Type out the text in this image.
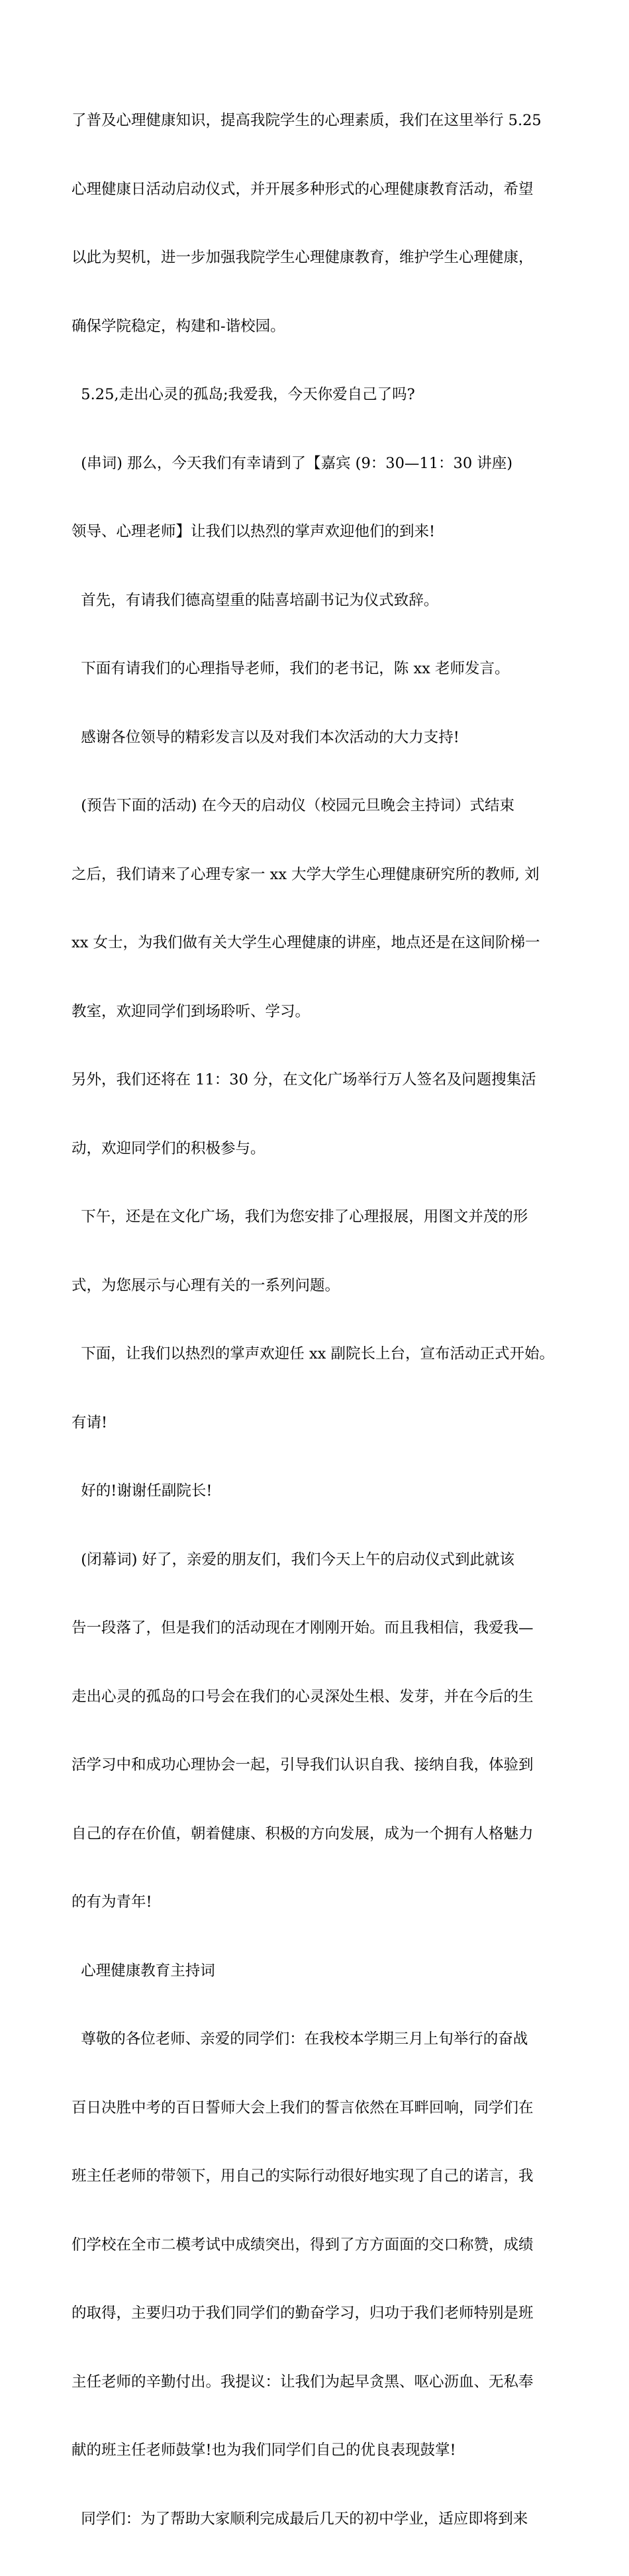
了普及心理健康知识，提高我院学生的心理素质，我们在这里举行 5.25

心理健康日活动启动仪式，并开展多种形式的心理健康教育活动，希望

以此为契机，进一步加强我院学生心理健康教育，维护学生心理健康，

确保学院稳定，构建和-谐校园。

5.25,走出心灵的孤岛;我爱我，今天你爱自己了吗?

(串词) 那么，今天我们有幸请到了【嘉宾 (9：30—11：30 讲座)

领导、心理老师】让我们以热烈的掌声欢迎他们的到来!

首先，有请我们德高望重的陆喜培副书记为仪式致辞。

下面有请我们的心理指导老师，我们的老书记，陈 xx 老师发言。

感谢各位领导的精彩发言以及对我们本次活动的大力支持!

(预告下面的活动) 在今天的启动仪（校园元旦晚会主持词）式结束

之后，我们请来了心理专家一 xx 大学大学生心理健康研究所的教师, 刘

xx 女士，为我们做有关大学生心理健康的讲座，地点还是在这间阶梯一

教室，欢迎同学们到场聆听、学习。

另外，我们还将在 11：30 分，在文化广场举行万人签名及问题搜集活

动，欢迎同学们的积极参与。

下午，还是在文化广场，我们为您安排了心理报展，用图文并茂的形

式，为您展示与心理有关的一系列问题。

下面，让我们以热烈的掌声欢迎任 xx 副院长上台，宣布活动正式开始。

有请!

好的!谢谢任副院长!

(闭幕词) 好了，亲爱的朋友们，我们今天上午的启动仪式到此就该

告一段落了，但是我们的活动现在才刚刚开始。而且我相信，我爱我—

走出心灵的孤岛的口号会在我们的心灵深处生根、发芽，并在今后的生

活学习中和成功心理协会一起，引导我们认识自我、接纳自我，体验到

自己的存在价值，朝着健康、积极的方向发展，成为一个拥有人格魅力

的有为青年!

心理健康教育主持词

尊敬的各位老师、亲爱的同学们：在我校本学期三月上旬举行的奋战

百日决胜中考的百日誓师大会上我们的誓言依然在耳畔回响，同学们在

班主任老师的带领下，用自己的实际行动很好地实现了自己的诺言，我

们学校在全市二模考试中成绩突出，得到了方方面面的交口称赞，成绩

的取得，主要归功于我们同学们的勤奋学习，归功于我们老师特别是班

主任老师的辛勤付出。我提议：让我们为起早贪黑、呕心沥血、无私奉

献的班主任老师鼓掌!也为我们同学们自己的优良表现鼓掌!

同学们：为了帮助大家顺利完成最后几天的初中学业，适应即将到来
